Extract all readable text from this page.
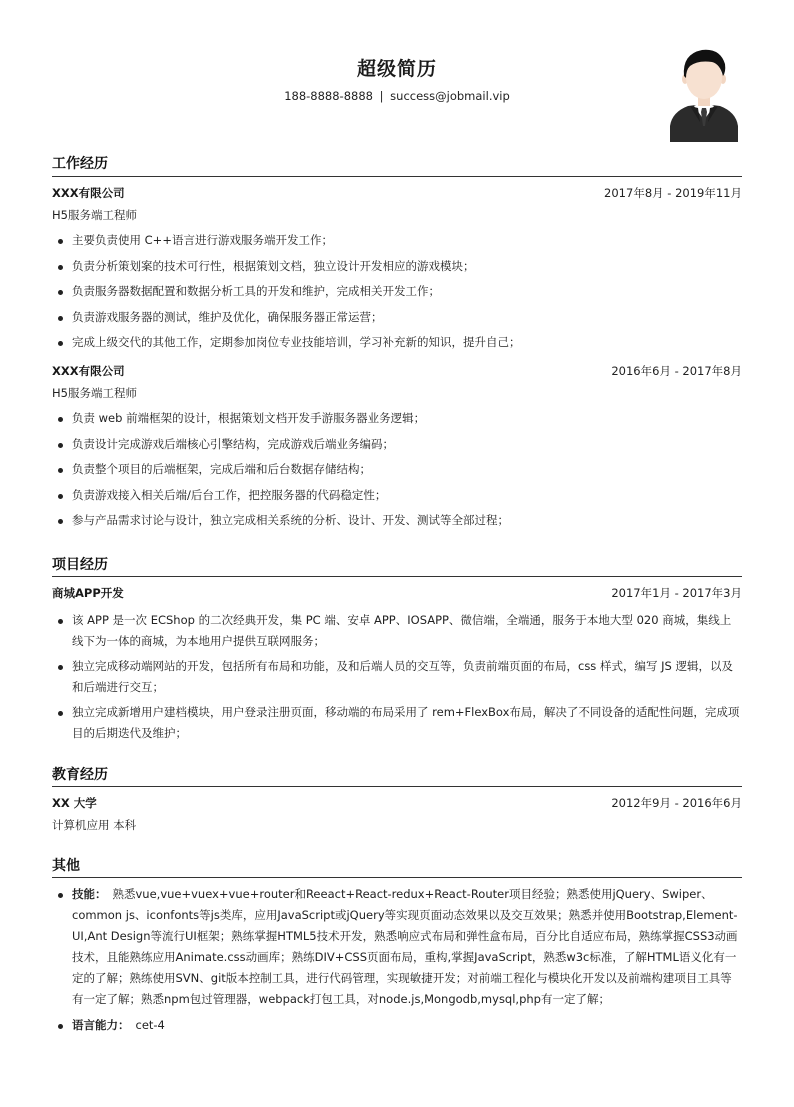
超级简历
188-8888-8888 | success@jobmail.vip
工作经历
XXX有限公司	2017年8月 - 2019年11月
H5服务端工程师
主要负责使用 C++语言进行游戏服务端开发工作；
负责分析策划案的技术可行性，根据策划文档，独立设计开发相应的游戏模块；
负责服务器数据配置和数据分析工具的开发和维护，完成相关开发工作；
负责游戏服务器的测试，维护及优化，确保服务器正常运营；
完成上级交代的其他工作，定期参加岗位专业技能培训，学习补充新的知识，提升自己；
XXX有限公司	2016年6月 - 2017年8月
H5服务端工程师
负责 web 前端框架的设计，根据策划文档开发手游服务器业务逻辑；
负责设计完成游戏后端核心引擎结构，完成游戏后端业务编码；
负责整个项目的后端框架，完成后端和后台数据存储结构；
负责游戏接入相关后端/后台工作，把控服务器的代码稳定性；
参与产品需求讨论与设计，独立完成相关系统的分析、设计、开发、测试等全部过程；
项目经历
商城APP开发	2017年1月 - 2017年3月
该 APP 是一次 ECShop 的二次经典开发，集 PC 端、安卓 APP、IOSAPP、微信端，全端通，服务于本地大型 020 商城，集线上线下为一体的商城，为本地用户提供互联网服务；
独立完成移动端网站的开发，包括所有布局和功能，及和后端人员的交互等，负责前端页面的布局，css 样式，编写 JS 逻辑，以及和后端进行交互；
独立完成新增用户建档模块，用户登录注册页面，移动端的布局采用了 rem+FlexBox布局，解决了不同设备的适配性问题，完成项目的后期迭代及维护；
教育经历
XX 大学	2012年9月 - 2016年6月
计算机应用 本科
其他
技能： 熟悉vue,vue+vuex+vue+router和Reeact+React-redux+React-Router项目经验；熟悉使用jQuery、Swiper、common js、iconfonts等js类库，应用JavaScript或jQuery等实现页面动态效果以及交互效果；熟悉并使用Bootstrap,Element-UI,Ant Design等流行UI框架；熟练掌握HTML5技术开发，熟悉响应式布局和弹性盒布局，百分比自适应布局，熟练掌握CSS3动画技术，且能熟练应用Animate.css动画库；熟练DIV+CSS页面布局，重构,掌握JavaScript，熟悉w3c标准，了解HTML语义化有一定的了解；熟练使用SVN、git版本控制工具，进行代码管理，实现敏捷开发；对前端工程化与模块化开发以及前端构建项目工具等有一定了解；熟悉npm包过管理器，webpack打包工具，对node.js,Mongodb,mysql,php有一定了解；
语言能力： cet-4
